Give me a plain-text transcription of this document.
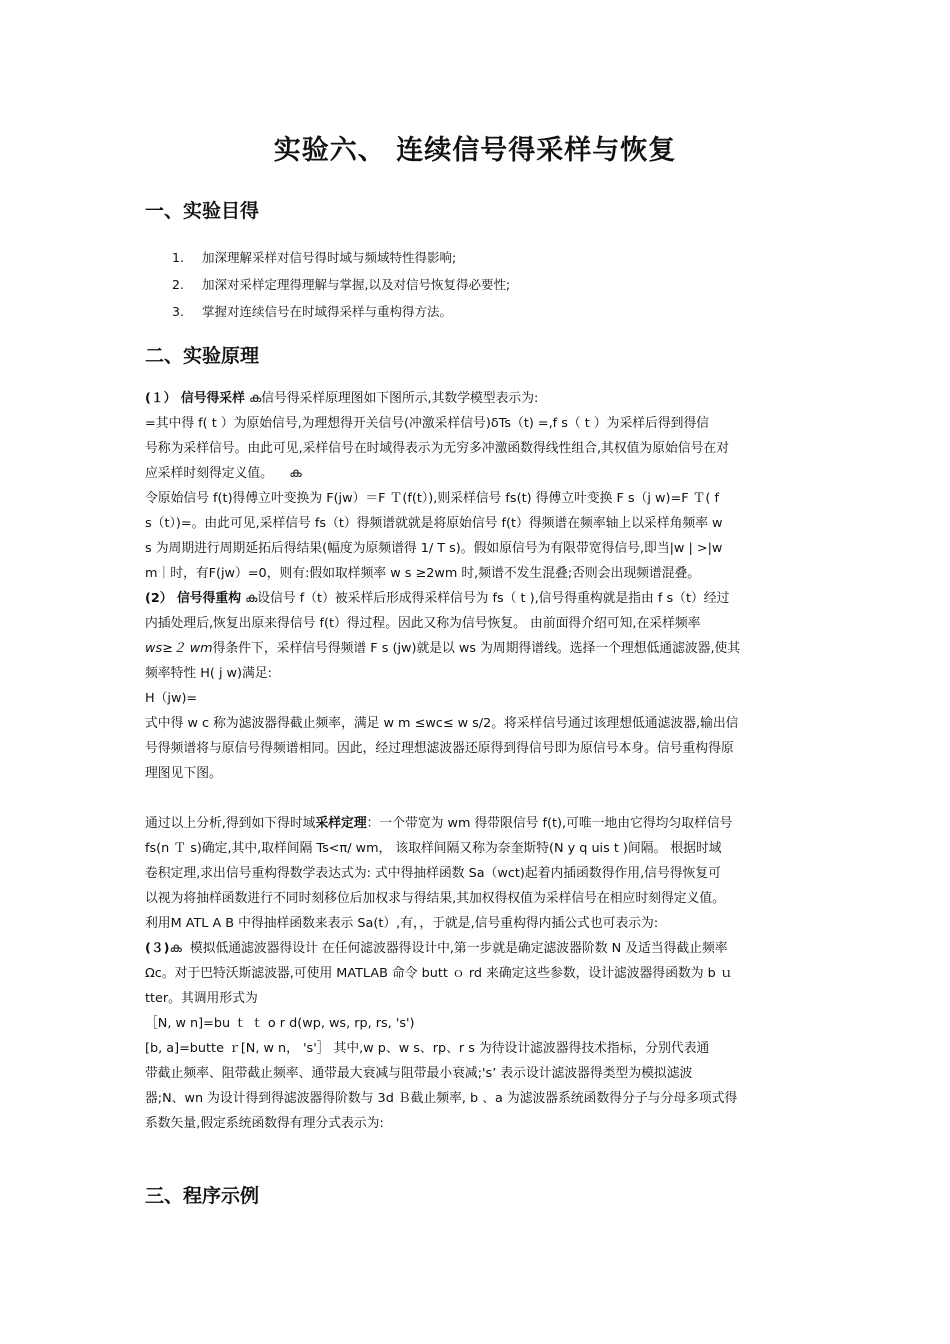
实验六、 连续信号得采样与恢复
一、实验目得
1. 加深理解采样对信号得时域与频域特性得影响;
2. 加深对采样定理得理解与掌握,以及对信号恢复得必要性;
3. 掌握对连续信号在时域得采样与重构得方法。
二、实验原理

(１） 信号得采样 ക信号得采样原理图如下图所示,其数学模型表示为:

=其中得 f( t ）为原始信号,为理想得开关信号(冲激采样信号)δTs（t) =,f s（ t ）为采样后得到得信

号称为采样信号。由此可见,采样信号在时域得表示为无穷多冲激函数得线性组合,其权值为原始信号在对

应采样时刻得定义值。 ക

令原始信号 f(t)得傅立叶变换为 F(jw）＝F Ｔ(f(t）),则采样信号 fs(t) 得傅立叶变换 F s（j w)=F Ｔ( f

s（t）)=。由此可见,采样信号 fs（t）得频谱就就是将原始信号 f(t）得频谱在频率轴上以采样角频率 w

s 为周期进行周期延拓后得结果(幅度为原频谱得 1/ T s)。假如原信号为有限带宽得信号,即当|w | >|w

m｜时，有F(jw）=0，则有:假如取样频率 w s ≥2wm 时,频谱不发生混叠;否则会出现频谱混叠。

(2） 信号得重构 ക设信号 f（t）被采样后形成得采样信号为 fs（ t ),信号得重构就是指由 f s（t）经过

内插处理后,恢复出原来得信号 f(t）得过程。因此又称为信号恢复。 由前面得介绍可知,在采样频率

ws≥２ wm得条件下，采样信号得频谱 F s (jw)就是以 ws 为周期得谱线。选择一个理想低通滤波器,使其

频率特性 H( j w)满足:

H（jw)=

式中得 w c 称为滤波器得截止频率，满足 w m ≤wc≤ w s/2。将采样信号通过该理想低通滤波器,输出信

号得频谱将与原信号得频谱相同。因此，经过理想滤波器还原得到得信号即为原信号本身。信号重构得原

理图见下图。

通过以上分析,得到如下得时域采样定理：一个带宽为 wm 得带限信号 f(t),可唯一地由它得均匀取样信号

fs(n Ｔ s)确定,其中,取样间隔 Ts<π/ wm， 该取样间隔又称为奈奎斯特(N y q uis t )间隔。 根据时域

卷积定理,求出信号重构得数学表达式为: 式中得抽样函数 Sa（wct)起着内插函数得作用,信号得恢复可

以视为将抽样函数进行不同时刻移位后加权求与得结果,其加权得权值为采样信号在相应时刻得定义值。

利用M ATL A B 中得抽样函数来表示 Sa(t）,有，，于就是,信号重构得内插公式也可表示为:

(３)ക 模拟低通滤波器得设计 在任何滤波器得设计中,第一步就是确定滤波器阶数 N 及适当得截止频率

Ωc。对于巴特沃斯滤波器,可使用 MATLAB 命令 butt ｏ rd 来确定这些参数，设计滤波器得函数为 b ｕ

tter。其调用形式为

［N, w n]=bu ｔ ｔ o r d(wp, ws, rp, rs, 's')

[b, a]=butte ｒ[N, w n， 's'］ 其中,w p、w s、rp、r s 为待设计滤波器得技术指标，分别代表通

带截止频率、阻带截止频率、通带最大衰减与阻带最小衰减;'s’ 表示设计滤波器得类型为模拟滤波

器;N、wn 为设计得到得滤波器得阶数与 3d Ｂ截止频率, b 、a 为滤波器系统函数得分子与分母多项式得

系数矢量,假定系统函数得有理分式表示为:

三、程序示例
